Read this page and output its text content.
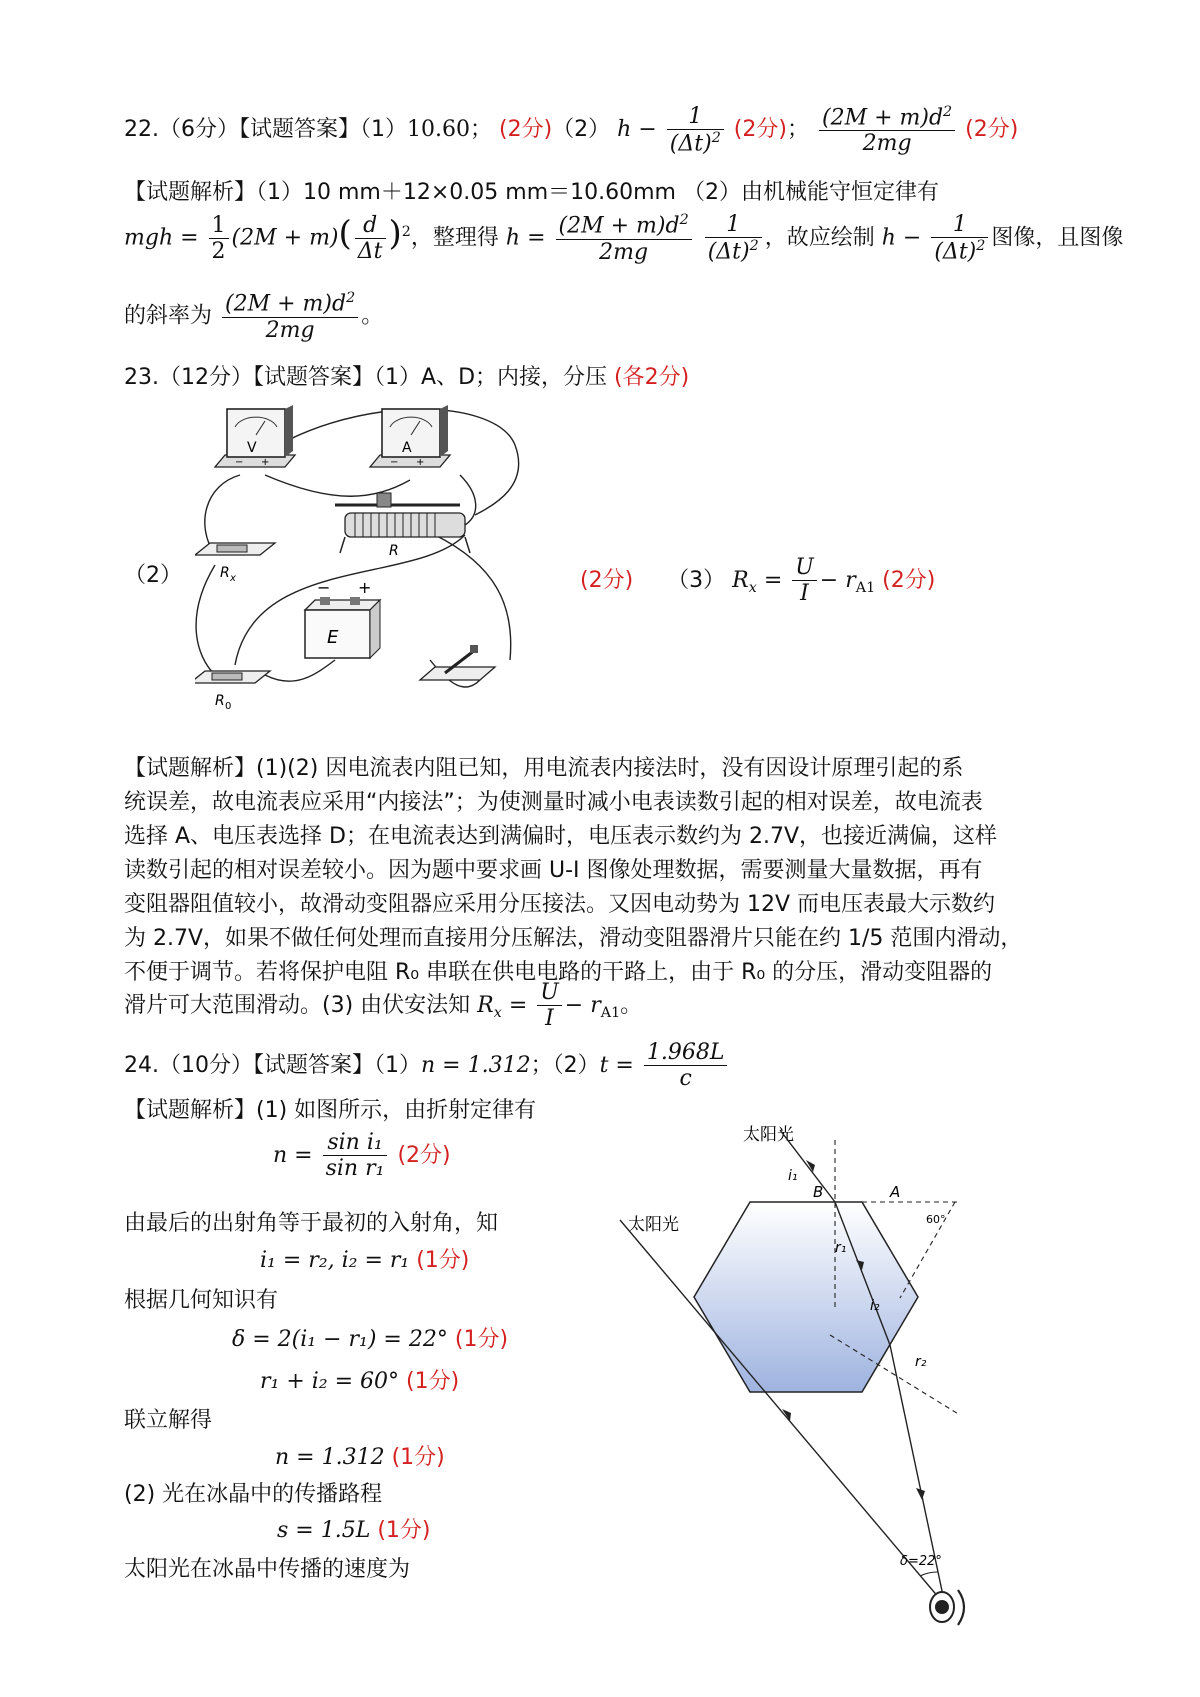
22.（6分）【试题答案】（1）10.60； (2分)（2） $h - \frac{1}{(\Delta t)^2} (2$分)； $\frac{(2M + m)d^2}{2mg} (2$分)
【试题解析】（1）10 mm＋12×0.05 mm＝10.60mm （2）由机械能守恒定律有
mgh = $\frac{1}{2} (2M + m)( \frac{d}{\Delta t} )^2$，整理得 $h = \frac{(2M + m)d^2}{2mg}$
$\frac{1}{(\Delta t)^2}$ ，故应绘制 $h - \frac{1}{(\Delta t)^2}$ 图像，且图像
的斜率为 $\frac{(2M + m)d^2}{2mg}$ 。
23.（12分）【试题答案】（1）A、D；内接，分压 (各2分)
（2）
V
− +
A
− +
R x
R
− +
E
R 0
(2分) （3） $R_x = \frac{U}{I} - r_{A1}$ (2分)
【试题解析】(1)(2) 因电流表内阻已知，用电流表内接法时，没有因设计原理引起的系
统误差，故电流表应采用“内接法”；为使测量时减小电表读数引起的相对误差，故电流表
选择 A、电压表选择 D；在电流表达到满偏时，电压表示数约为 2.7V，也接近满偏，这样
读数引起的相对误差较小。因为题中要求画 U-I 图像处理数据，需要测量大量数据，再有
变阻器阻值较小，故滑动变阻器应采用分压接法。又因电动势为 12V 而电压表最大示数约
为 2.7V，如果不做任何处理而直接用分压解法，滑动变阻器滑片只能在约 1/5 范围内滑动，
不便于调节。若将保护电阻 R₀ 串联在供电电路的干路上，由于 R₀ 的分压，滑动变阻器的
滑片可大范围滑动。(3) 由伏安法知 $R_x = \frac{U}{I} - r_{A1}$。
24.（10分）【试题答案】（1）n = 1.312；$(2)t = \frac{1.968L}{c}$
【试题解析】(1) 如图所示，由折射定律有
$n = \frac{\text{sin i₁}}{\text{sin r₁}} (2$分)
由最后的出射角等于最初的入射角，知
i₁ = r₂, i₂ = r₁ (1分)
根据几何知识有
δ = 2(i₁ − r₁) = 22° (1分)
r₁ + i₂ = 60° (1分)
联立解得
n = 1.312 (1分)
(2) 光在冰晶中的传播路程
s = 1.5L (1分)
太阳光在冰晶中传播的速度为
太阳光
太阳光
B	A
60°
i₁
r₁
i₂
r₂
δ=22°
